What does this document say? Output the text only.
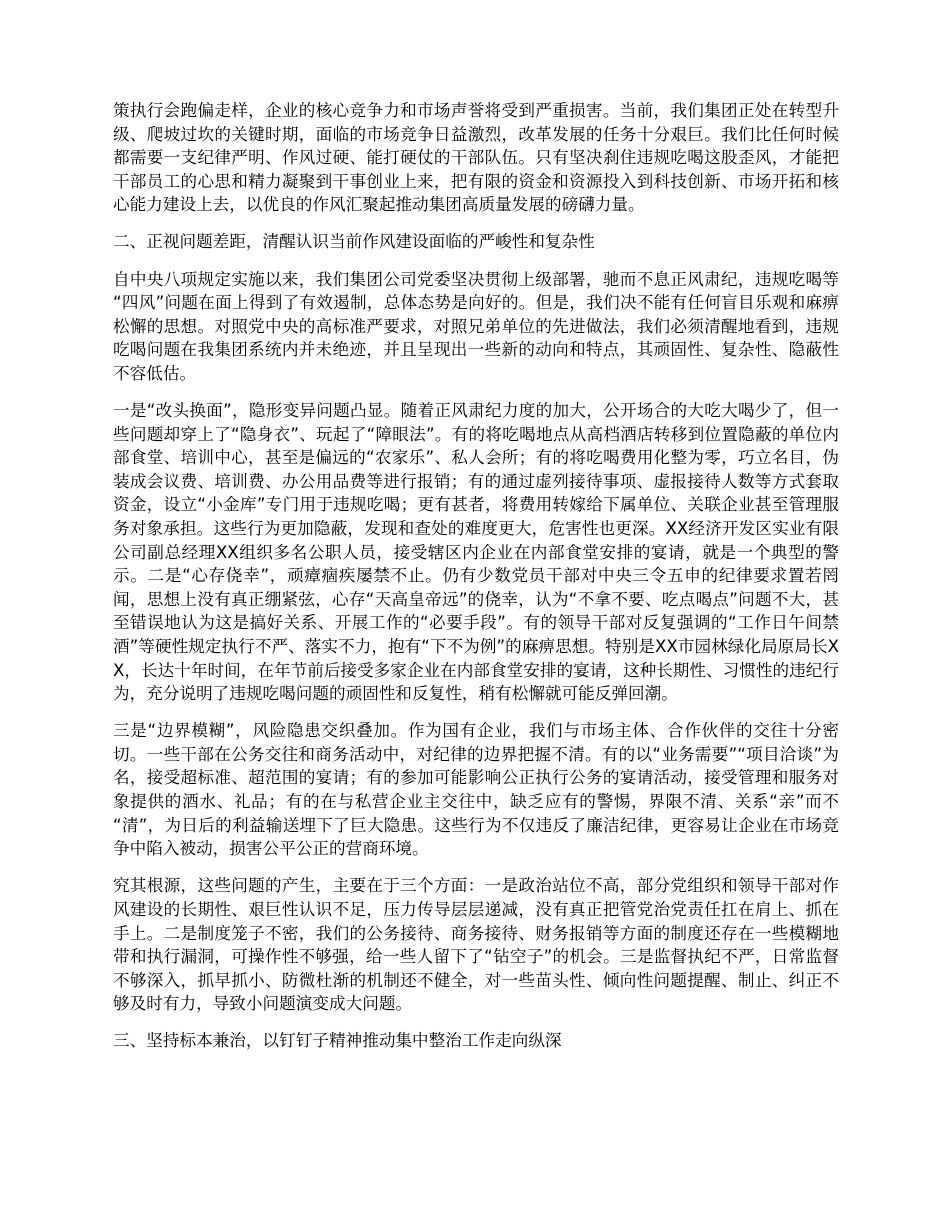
策执行会跑偏走样，企业的核心竞争力和市场声誉将受到严重损害。当前，我们集团正处在转型升级、爬坡过坎的关键时期，面临的市场竞争日益激烈，改革发展的任务十分艰巨。我们比任何时候都需要一支纪律严明、作风过硬、能打硬仗的干部队伍。只有坚决刹住违规吃喝这股歪风，才能把干部员工的心思和精力凝聚到干事创业上来，把有限的资金和资源投入到科技创新、市场开拓和核心能力建设上去，以优良的作风汇聚起推动集团高质量发展的磅礴力量。

二、正视问题差距，清醒认识当前作风建设面临的严峻性和复杂性

自中央八项规定实施以来，我们集团公司党委坚决贯彻上级部署，驰而不息正风肃纪，违规吃喝等“四风”问题在面上得到了有效遏制，总体态势是向好的。但是，我们决不能有任何盲目乐观和麻痹松懈的思想。对照党中央的高标准严要求，对照兄弟单位的先进做法，我们必须清醒地看到，违规吃喝问题在我集团系统内并未绝迹，并且呈现出一些新的动向和特点，其顽固性、复杂性、隐蔽性不容低估。

一是“改头换面”，隐形变异问题凸显。随着正风肃纪力度的加大，公开场合的大吃大喝少了，但一些问题却穿上了“隐身衣”、玩起了“障眼法”。有的将吃喝地点从高档酒店转移到位置隐蔽的单位内部食堂、培训中心，甚至是偏远的“农家乐”、私人会所；有的将吃喝费用化整为零，巧立名目，伪装成会议费、培训费、办公用品费等进行报销；有的通过虚列接待事项、虚报接待人数等方式套取资金，设立“小金库”专门用于违规吃喝；更有甚者，将费用转嫁给下属单位、关联企业甚至管理服务对象承担。这些行为更加隐蔽，发现和查处的难度更大，危害性也更深。XX经济开发区实业有限公司副总经理XX组织多名公职人员，接受辖区内企业在内部食堂安排的宴请，就是一个典型的警示。二是“心存侥幸”，顽瘴痼疾屡禁不止。仍有少数党员干部对中央三令五申的纪律要求置若罔闻，思想上没有真正绷紧弦，心存“天高皇帝远”的侥幸，认为“不拿不要、吃点喝点”问题不大，甚至错误地认为这是搞好关系、开展工作的“必要手段”。有的领导干部对反复强调的“工作日午间禁酒”等硬性规定执行不严、落实不力，抱有“下不为例”的麻痹思想。特别是XX市园林绿化局原局长XX，长达十年时间，在年节前后接受多家企业在内部食堂安排的宴请，这种长期性、习惯性的违纪行为，充分说明了违规吃喝问题的顽固性和反复性，稍有松懈就可能反弹回潮。

三是“边界模糊”，风险隐患交织叠加。作为国有企业，我们与市场主体、合作伙伴的交往十分密切。一些干部在公务交往和商务活动中，对纪律的边界把握不清。有的以“业务需要”“项目洽谈”为名，接受超标准、超范围的宴请；有的参加可能影响公正执行公务的宴请活动，接受管理和服务对象提供的酒水、礼品；有的在与私营企业主交往中，缺乏应有的警惕，界限不清、关系“亲”而不“清”，为日后的利益输送埋下了巨大隐患。这些行为不仅违反了廉洁纪律，更容易让企业在市场竞争中陷入被动，损害公平公正的营商环境。

究其根源，这些问题的产生，主要在于三个方面：一是政治站位不高，部分党组织和领导干部对作风建设的长期性、艰巨性认识不足，压力传导层层递减，没有真正把管党治党责任扛在肩上、抓在手上。二是制度笼子不密，我们的公务接待、商务接待、财务报销等方面的制度还存在一些模糊地带和执行漏洞，可操作性不够强，给一些人留下了“钻空子”的机会。三是监督执纪不严，日常监督不够深入，抓早抓小、防微杜渐的机制还不健全，对一些苗头性、倾向性问题提醒、制止、纠正不够及时有力，导致小问题演变成大问题。

三、坚持标本兼治，以钉钉子精神推动集中整治工作走向纵深
